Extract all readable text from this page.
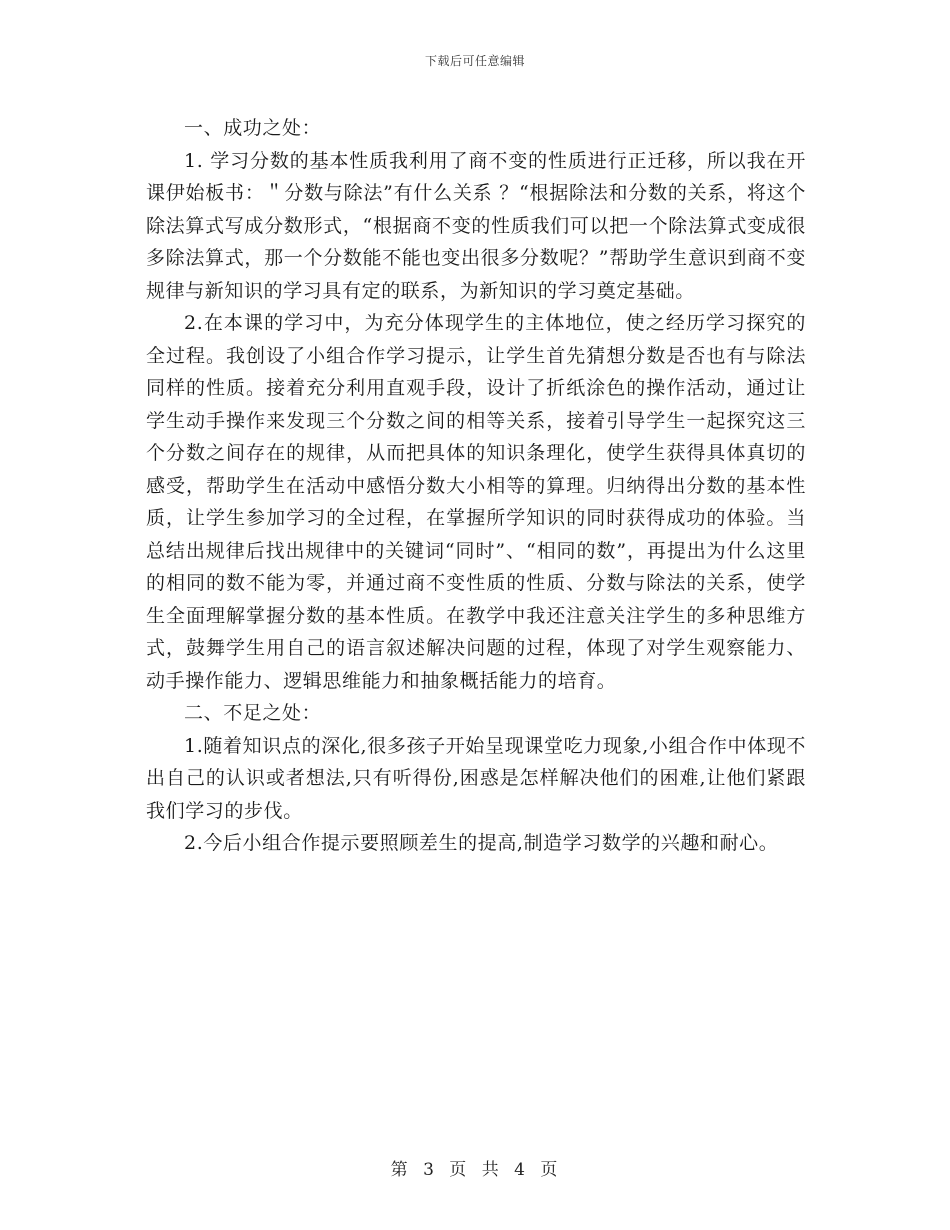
下载后可任意编辑

一、成功之处：

1. 学习分数的基本性质我利用了商不变的性质进行正迁移，所以我在开课伊始板书：＂分数与除法”有什么关系 ？“根据除法和分数的关系，将这个除法算式写成分数形式，“根据商不变的性质我们可以把一个除法算式变成很多除法算式，那一个分数能不能也变出很多分数呢？”帮助学生意识到商不变规律与新知识的学习具有定的联系，为新知识的学习奠定基础。

2.在本课的学习中，为充分体现学生的主体地位，使之经历学习探究的全过程。我创设了小组合作学习提示，让学生首先猜想分数是否也有与除法同样的性质。接着充分利用直观手段，设计了折纸涂色的操作活动，通过让学生动手操作来发现三个分数之间的相等关系，接着引导学生一起探究这三个分数之间存在的规律，从而把具体的知识条理化，使学生获得具体真切的感受，帮助学生在活动中感悟分数大小相等的算理。归纳得出分数的基本性质，让学生参加学习的全过程，在掌握所学知识的同时获得成功的体验。当总结出规律后找出规律中的关键词“同时”、“相同的数”，再提出为什么这里的相同的数不能为零，并通过商不变性质的性质、分数与除法的关系，使学生全面理解掌握分数的基本性质。在教学中我还注意关注学生的多种思维方式，鼓舞学生用自己的语言叙述解决问题的过程，体现了对学生观察能力、动手操作能力、逻辑思维能力和抽象概括能力的培育。

二、不足之处：

1.随着知识点的深化,很多孩子开始呈现课堂吃力现象,小组合作中体现不出自己的认识或者想法,只有听得份,困惑是怎样解决他们的困难,让他们紧跟我们学习的步伐。

2.今后小组合作提示要照顾差生的提高,制造学习数学的兴趣和耐心。

第 3 页 共 4 页
